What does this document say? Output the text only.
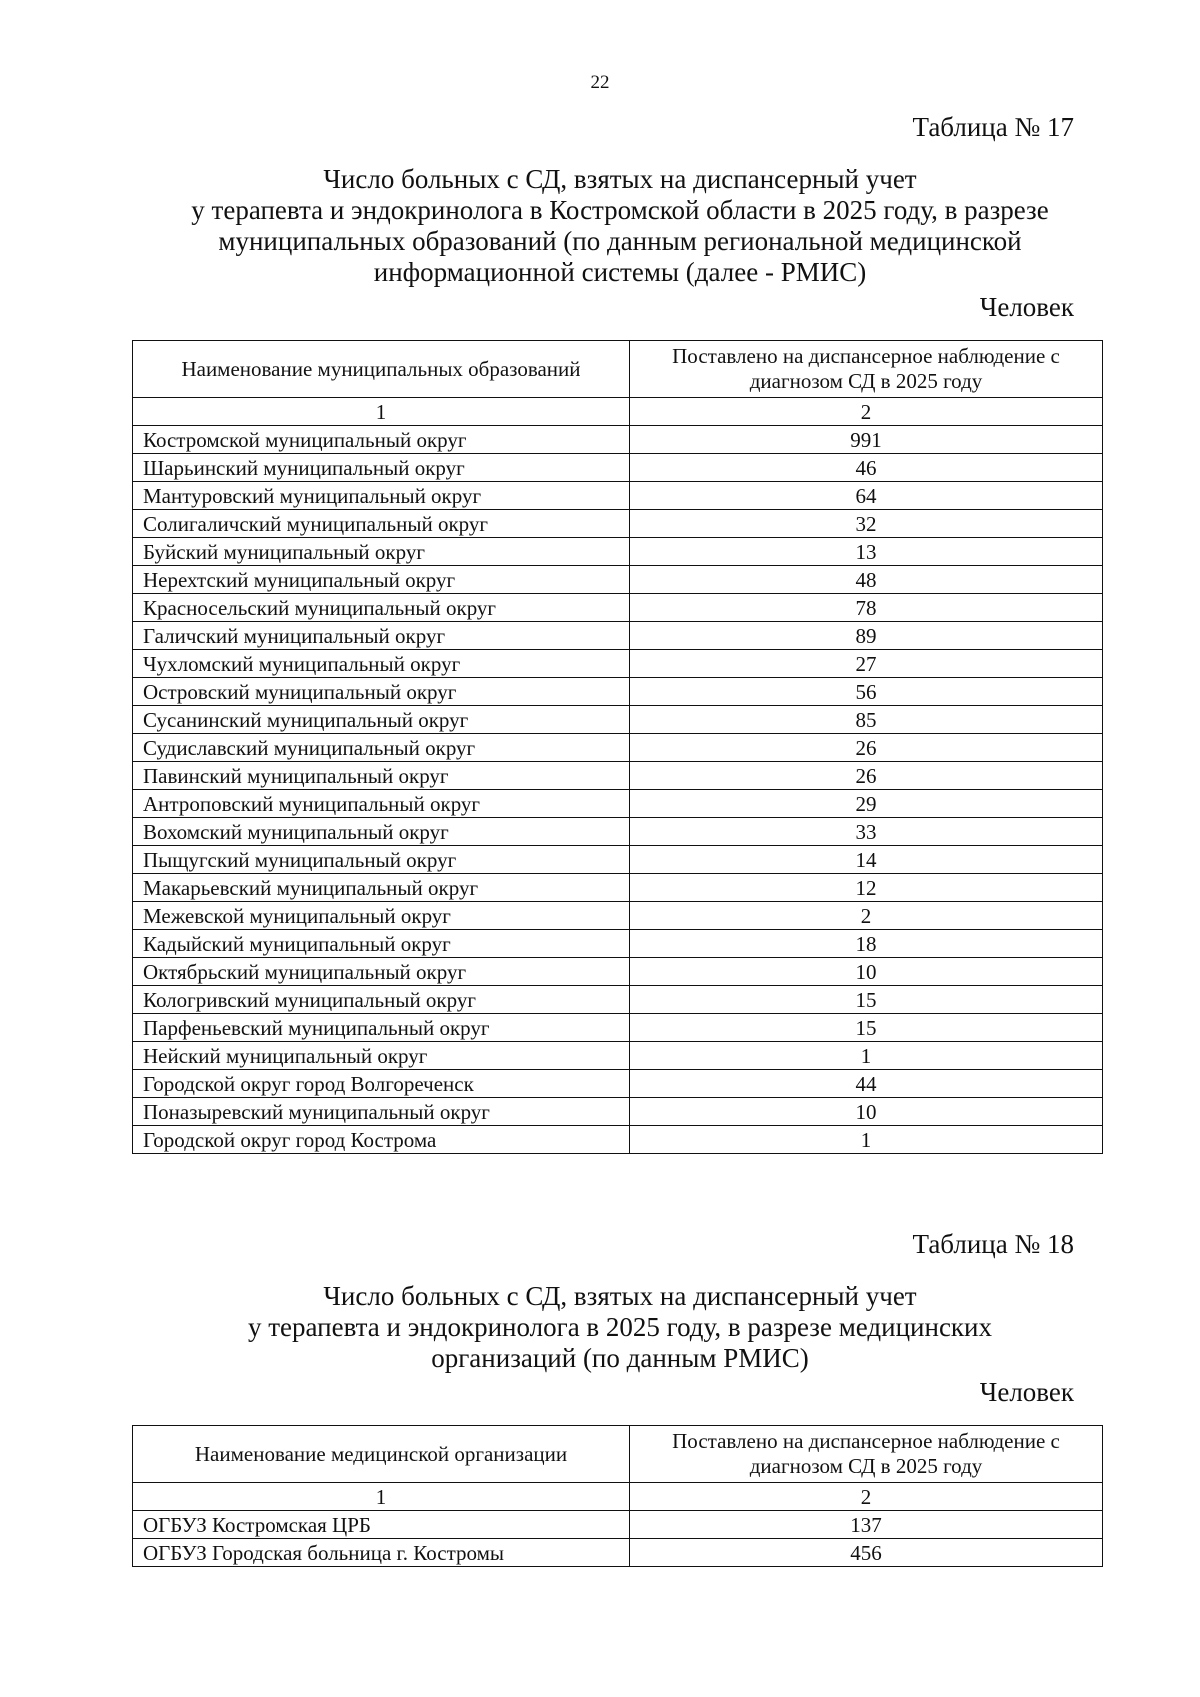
22
Таблица № 17
Число больных с СД, взятых на диспансерный учет
у терапевта и эндокринолога в Костромской области в 2025 году, в разрезе
муниципальных образований (по данным региональной медицинской
информационной системы (далее - РМИС)
Человек
Наименование муниципальных образований	Поставлено на диспансерное наблюдение с диагнозом СД в 2025 году
1	2
Костромской муниципальный округ	991
Шарьинский муниципальный округ	46
Мантуровский муниципальный округ	64
Солигаличский муниципальный округ	32
Буйский муниципальный округ	13
Нерехтский муниципальный округ	48
Красносельский муниципальный округ	78
Галичский муниципальный округ	89
Чухломский муниципальный округ	27
Островский муниципальный округ	56
Сусанинский муниципальный округ	85
Судиславский муниципальный округ	26
Павинский муниципальный округ	26
Антроповский муниципальный округ	29
Вохомский муниципальный округ	33
Пыщугский муниципальный округ	14
Макарьевский муниципальный округ	12
Межевской муниципальный округ	2
Кадыйский муниципальный округ	18
Октябрьский муниципальный округ	10
Кологривский муниципальный округ	15
Парфеньевский муниципальный округ	15
Нейский муниципальный округ	1
Городской округ город Волгореченск	44
Поназыревский муниципальный округ	10
Городской округ город Кострома	1
Таблица № 18
Число больных с СД, взятых на диспансерный учет
у терапевта и эндокринолога в 2025 году, в разрезе медицинских
организаций (по данным РМИС)
Человек
Наименование медицинской организации	Поставлено на диспансерное наблюдение с диагнозом СД в 2025 году
1	2
ОГБУЗ Костромская ЦРБ	137
ОГБУЗ Городская больница г. Костромы	456
